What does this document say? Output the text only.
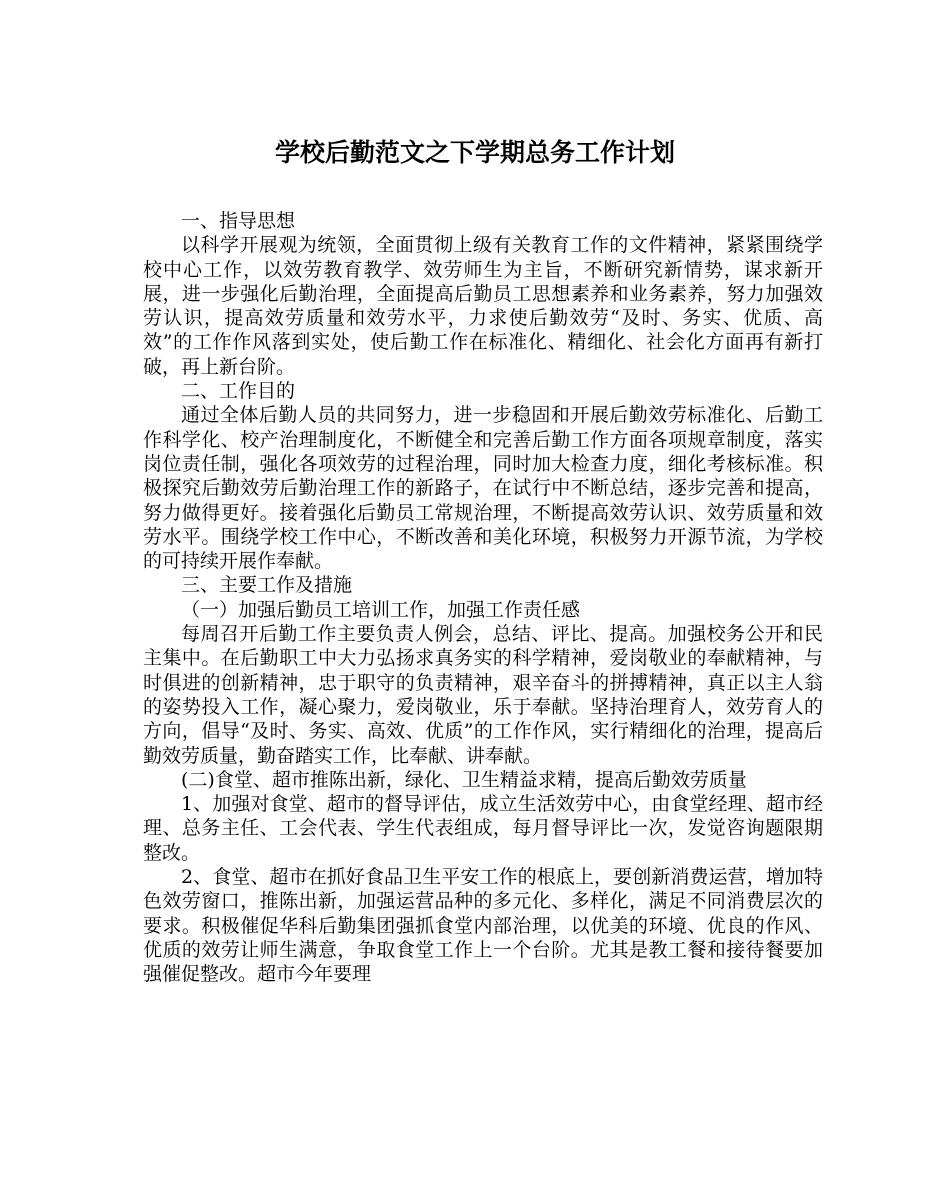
学校后勤范文之下学期总务工作计划

一、指导思想

以科学开展观为统领，全面贯彻上级有关教育工作的文件精神，紧紧围绕学校中心工作，以效劳教育教学、效劳师生为主旨，不断研究新情势，谋求新开展，进一步强化后勤治理，全面提高后勤员工思想素养和业务素养，努力加强效劳认识，提高效劳质量和效劳水平，力求使后勤效劳“及时、务实、优质、高效”的工作作风落到实处，使后勤工作在标准化、精细化、社会化方面再有新打破，再上新台阶。

二、工作目的

通过全体后勤人员的共同努力，进一步稳固和开展后勤效劳标准化、后勤工作科学化、校产治理制度化，不断健全和完善后勤工作方面各项规章制度，落实岗位责任制，强化各项效劳的过程治理，同时加大检查力度，细化考核标准。积极探究后勤效劳后勤治理工作的新路子，在试行中不断总结，逐步完善和提高，努力做得更好。接着强化后勤员工常规治理，不断提高效劳认识、效劳质量和效劳水平。围绕学校工作中心，不断改善和美化环境，积极努力开源节流，为学校的可持续开展作奉献。

三、主要工作及措施

（一）加强后勤员工培训工作，加强工作责任感

每周召开后勤工作主要负责人例会，总结、评比、提高。加强校务公开和民主集中。在后勤职工中大力弘扬求真务实的科学精神，爱岗敬业的奉献精神，与时俱进的创新精神，忠于职守的负责精神，艰辛奋斗的拼搏精神，真正以主人翁的姿势投入工作，凝心聚力，爱岗敬业，乐于奉献。坚持治理育人，效劳育人的方向，倡导“及时、务实、高效、优质”的工作作风，实行精细化的治理，提高后勤效劳质量，勤奋踏实工作，比奉献、讲奉献。

(二)食堂、超市推陈出新，绿化、卫生精益求精，提高后勤效劳质量

1、加强对食堂、超市的督导评估，成立生活效劳中心，由食堂经理、超市经理、总务主任、工会代表、学生代表组成，每月督导评比一次，发觉咨询题限期整改。

2、食堂、超市在抓好食品卫生平安工作的根底上，要创新消费运营，增加特色效劳窗口，推陈出新，加强运营品种的多元化、多样化，满足不同消费层次的要求。积极催促华科后勤集团强抓食堂内部治理，以优美的环境、优良的作风、优质的效劳让师生满意，争取食堂工作上一个台阶。尤其是教工餐和接待餐要加强催促整改。超市今年要理
